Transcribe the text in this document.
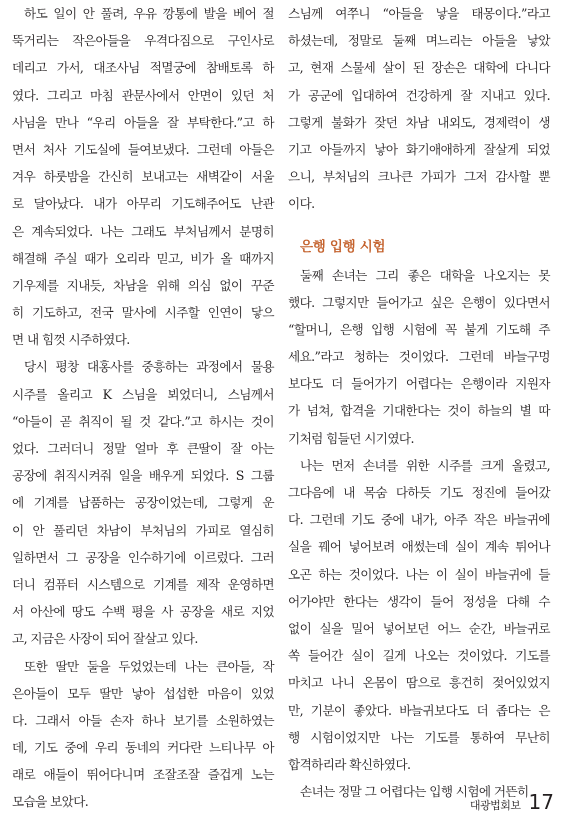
하도 일이 안 풀려, 우유 깡통에 발을 베어 절
뚝거리는 작은아들을 우격다짐으로 구인사로
데리고 가서, 대조사님 적멸궁에 참배토록 하
였다. 그리고 마침 관문사에서 안면이 있던 처
사님을 만나 “우리 아들을 잘 부탁한다.”고 하
면서 처사 기도실에 들여보냈다. 그런데 아들은
겨우 하룻밤을 간신히 보내고는 새벽같이 서울
로 달아났다. 내가 아무리 기도해주어도 난관
은 계속되었다. 나는 그래도 부처님께서 분명히
해결해 주실 때가 오리라 믿고, 비가 올 때까지
기우제를 지내듯, 차남을 위해 의심 없이 꾸준
히 기도하고, 전국 말사에 시주할 인연이 닿으
면 내 힘껏 시주하였다.
당시 평창 대홍사를 중흥하는 과정에서 물용
시주를 올리고 K 스님을 뵈었더니, 스님께서
“아들이 곧 취직이 될 것 같다.”고 하시는 것이
었다. 그러더니 정말 얼마 후 큰딸이 잘 아는
공장에 취직시켜줘 일을 배우게 되었다. S 그룹
에 기계를 납품하는 공장이었는데, 그렇게 운
이 안 풀리던 차남이 부처님의 가피로 열심히
일하면서 그 공장을 인수하기에 이르렀다. 그러
더니 컴퓨터 시스템으로 기계를 제작 운영하면
서 아산에 땅도 수백 평을 사 공장을 새로 지었
고, 지금은 사장이 되어 잘살고 있다.
또한 딸만 둘을 두었었는데 나는 큰아들, 작
은아들이 모두 딸만 낳아 섭섭한 마음이 있었
다. 그래서 아들 손자 하나 보기를 소원하였는
데, 기도 중에 우리 동네의 커다란 느티나무 아
래로 애들이 뛰어다니며 조잘조잘 즐겁게 노는
모습을 보았다.
스님께 여쭈니 “아들을 낳을 태몽이다.”라고
하셨는데, 정말로 둘째 며느리는 아들을 낳았
고, 현재 스물세 살이 된 장손은 대학에 다니다
가 공군에 입대하여 건강하게 잘 지내고 있다.
그렇게 불화가 잦던 차남 내외도, 경제력이 생
기고 아들까지 낳아 화기애애하게 잘살게 되었
으니, 부처님의 크나큰 가피가 그저 감사할 뿐
이다.
은행 입행 시험
둘째 손녀는 그리 좋은 대학을 나오지는 못
했다. 그렇지만 들어가고 싶은 은행이 있다면서
“할머니, 은행 입행 시험에 꼭 붙게 기도해 주
세요.”라고 청하는 것이었다. 그런데 바늘구멍
보다도 더 들어가기 어렵다는 은행이라 지원자
가 넘쳐, 합격을 기대한다는 것이 하늘의 별 따
기처럼 힘들던 시기였다.
나는 먼저 손녀를 위한 시주를 크게 올렸고,
그다음에 내 목숨 다하듯 기도 정진에 들어갔
다. 그런데 기도 중에 내가, 아주 작은 바늘귀에
실을 꿰어 넣어보려 애썼는데 실이 계속 튀어나
오곤 하는 것이었다. 나는 이 실이 바늘귀에 들
어가야만 한다는 생각이 들어 정성을 다해 수
없이 실을 밀어 넣어보던 어느 순간, 바늘귀로
쏙 들어간 실이 길게 나오는 것이었다. 기도를
마치고 나니 온몸이 땀으로 흥건히 젖어있었지
만, 기분이 좋았다. 바늘귀보다도 더 좁다는 은
행 시험이었지만 나는 기도를 통하여 무난히
합격하리라 확신하였다.
손녀는 정말 그 어렵다는 입행 시험에 거뜬히
대광법회보 17
